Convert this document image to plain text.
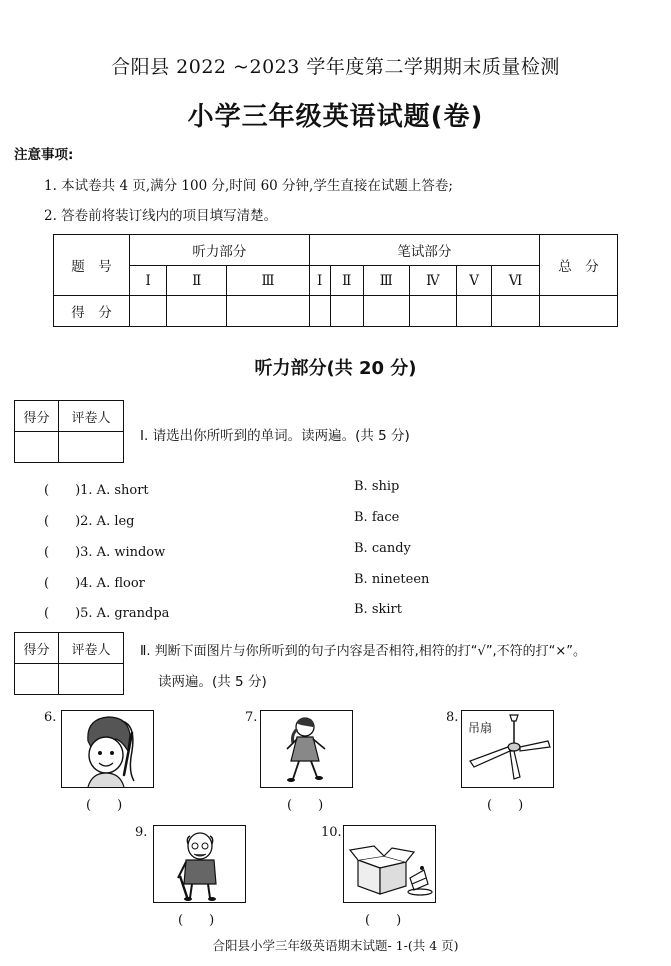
合阳县 2022 ~2023 学年度第二学期期末质量检测
小学三年级英语试题(卷)
注意事项:
1. 本试卷共 4 页,满分 100 分,时间 60 分钟,学生直接在试题上答卷;
2. 答卷前将装订线内的项目填写清楚。
题　号	听力部分			笔试部分						总　分
	Ⅰ	Ⅱ	Ⅲ	Ⅰ	Ⅱ	Ⅲ	Ⅳ	Ⅴ	Ⅵ	
得　分										
听力部分(共 20 分)
得分	评卷人

Ⅰ. 请选出你所听到的单词。读两遍。(共 5 分)
(　　)1. A. short	B. ship
(　　)2. A. leg	B. face
(　　)3. A. window	B. candy
(　　)4. A. floor	B. nineteen
(　　)5. A. grandpa	B. skirt
得分	评卷人
	Ⅱ. 判断下面图片与你所听到的句子内容是否相符,相符的打“√”,不符的打“×”。
读两遍。(共 5 分)
6.
(　　)
7.
(　　)
8.
吊扇
(　　)
9.
(　　)
10.
(　　)
合阳县小学三年级英语期末试题- 1-(共 4 页)
